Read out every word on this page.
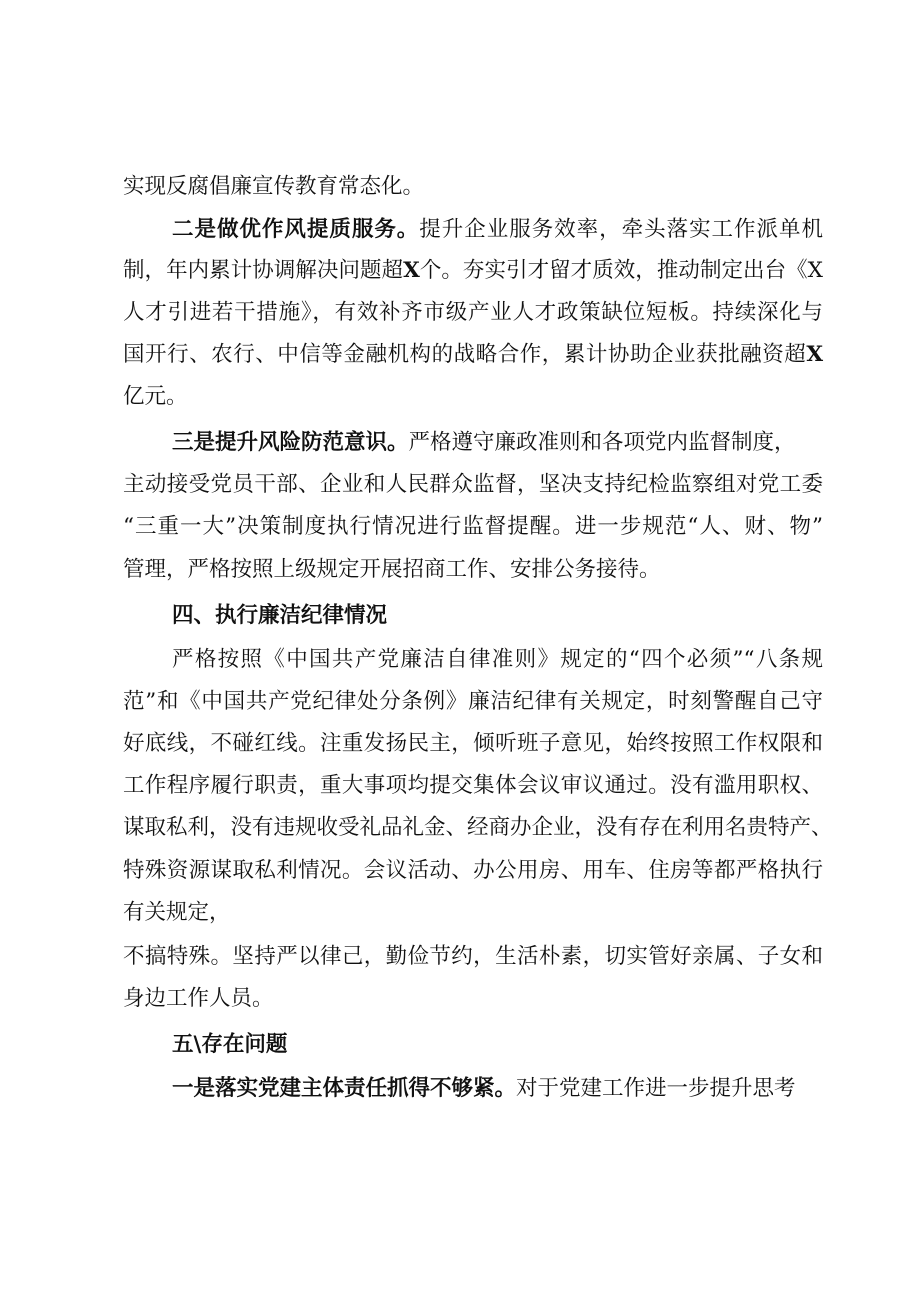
实现反腐倡廉宣传教育常态化。
二是做优作风提质服务。提升企业服务效率，牵头落实工作派单机
制，年内累计协调解决问题超X个。夯实引才留才质效，推动制定出台《X
人才引进若干措施》，有效补齐市级产业人才政策缺位短板。持续深化与
国开行、农行、中信等金融机构的战略合作，累计协助企业获批融资超X
亿元。
三是提升风险防范意识。严格遵守廉政准则和各项党内监督制度，
主动接受党员干部、企业和人民群众监督，坚决支持纪检监察组对党工委
“三重一大”决策制度执行情况进行监督提醒。进一步规范“人、财、物”
管理，严格按照上级规定开展招商工作、安排公务接待。
四、执行廉洁纪律情况
严格按照《中国共产党廉洁自律准则》规定的“四个必须”“八条规
范”和《中国共产党纪律处分条例》廉洁纪律有关规定，时刻警醒自己守
好底线，不碰红线。注重发扬民主，倾听班子意见，始终按照工作权限和
工作程序履行职责，重大事项均提交集体会议审议通过。没有滥用职权、
谋取私利，没有违规收受礼品礼金、经商办企业，没有存在利用名贵特产、
特殊资源谋取私利情况。会议活动、办公用房、用车、住房等都严格执行
有关规定，
不搞特殊。坚持严以律己，勤俭节约，生活朴素，切实管好亲属、子女和
身边工作人员。
五\存在问题
一是落实党建主体责任抓得不够紧。对于党建工作进一步提升思考
